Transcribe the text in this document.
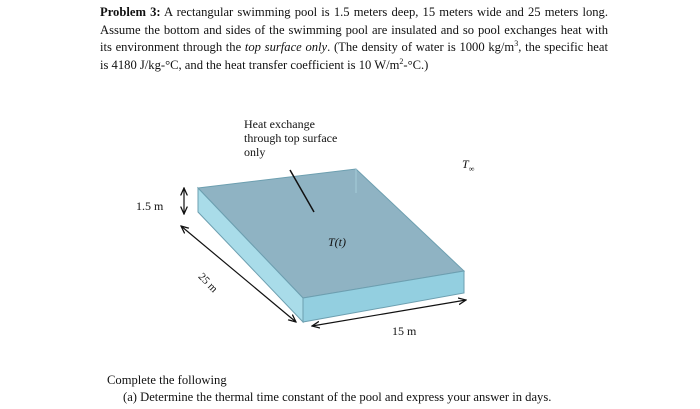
Problem 3: A rectangular swimming pool is 1.5 meters deep, 15 meters wide and 25 meters long. Assume the bottom and sides of the swimming pool are insulated and so pool exchanges heat with its environment through the top surface only. (The density of water is 1000 $kg/m^3$, the specific heat is 4180 J/kg-°C, and the heat transfer coefficient is 10 $W/m^2-^\circ C$.)
Heat exchange through top surface only
$T_\infty$
1.5 m
T(t)
25 m
15 m
Complete the following
(a) Determine the thermal time constant of the pool and express your answer in days.
